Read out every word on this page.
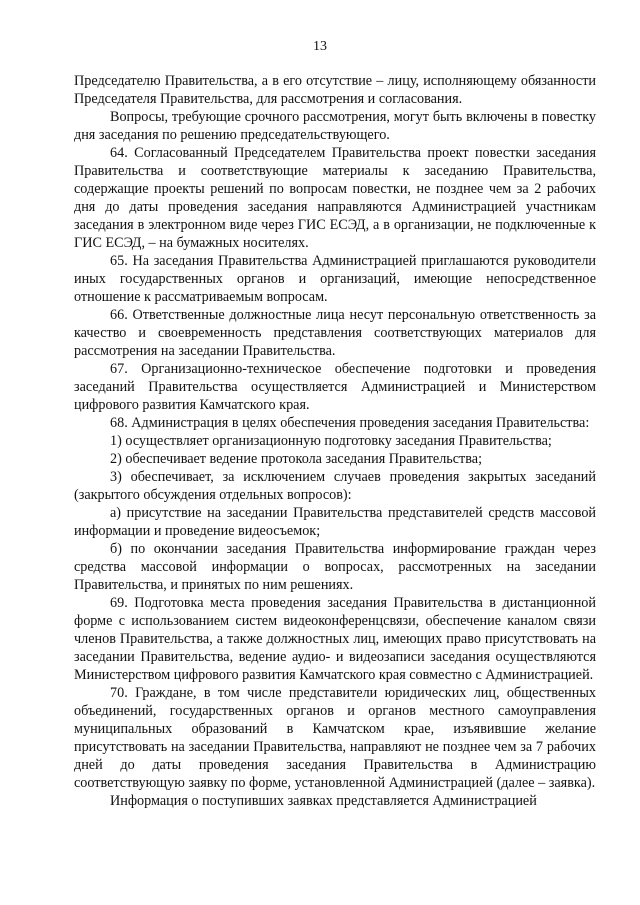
13

Председателю Правительства, а в его отсутствие – лицу, исполняющему обязанности Председателя Правительства, для рассмотрения и согласования.

Вопросы, требующие срочного рассмотрения, могут быть включены в повестку дня заседания по решению председательствующего.

64. Согласованный Председателем Правительства проект повестки заседания Правительства и соответствующие материалы к заседанию Правительства, содержащие проекты решений по вопросам повестки, не позднее чем за 2 рабочих дня до даты проведения заседания направляются Администрацией участникам заседания в электронном виде через ГИС ЕСЭД, а в организации, не подключенные к ГИС ЕСЭД, – на бумажных носителях.

65. На заседания Правительства Администрацией приглашаются руководители иных государственных органов и организаций, имеющие непосредственное отношение к рассматриваемым вопросам.

66. Ответственные должностные лица несут персональную ответственность за качество и своевременность представления соответствующих материалов для рассмотрения на заседании Правительства.

67. Организационно-техническое обеспечение подготовки и проведения заседаний Правительства осуществляется Администрацией и Министерством цифрового развития Камчатского края.

68. Администрация в целях обеспечения проведения заседания Правительства:

1) осуществляет организационную подготовку заседания Правительства;

2) обеспечивает ведение протокола заседания Правительства;

3) обеспечивает, за исключением случаев проведения закрытых заседаний (закрытого обсуждения отдельных вопросов):

а) присутствие на заседании Правительства представителей средств массовой информации и проведение видеосъемок;

б) по окончании заседания Правительства информирование граждан через средства массовой информации о вопросах, рассмотренных на заседании Правительства, и принятых по ним решениях.

69. Подготовка места проведения заседания Правительства в дистанционной форме с использованием систем видеоконференцсвязи, обеспечение каналом связи членов Правительства, а также должностных лиц, имеющих право присутствовать на заседании Правительства, ведение аудио- и видеозаписи заседания осуществляются Министерством цифрового развития Камчатского края совместно с Администрацией.

70. Граждане, в том числе представители юридических лиц, общественных объединений, государственных органов и органов местного самоуправления муниципальных образований в Камчатском крае, изъявившие желание присутствовать на заседании Правительства, направляют не позднее чем за 7 рабочих дней до даты проведения заседания Правительства в Администрацию соответствующую заявку по форме, установленной Администрацией (далее – заявка).

Информация о поступивших заявках представляется Администрацией
